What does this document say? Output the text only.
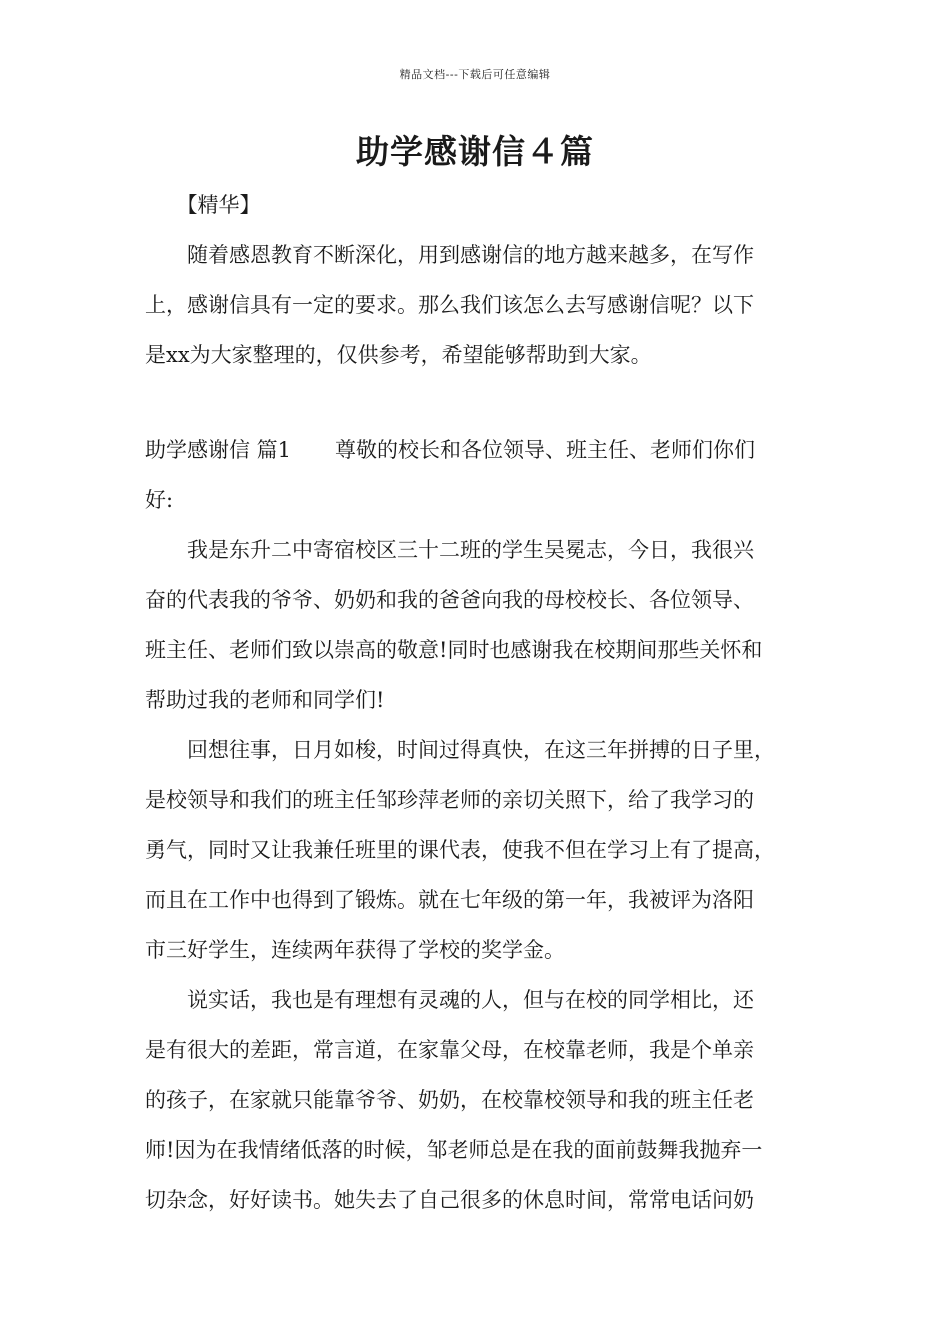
精品文档---下载后可任意编辑
助学感谢信４篇
　　【精华】
　　随着感恩教育不断深化，用到感谢信的地方越来越多，在写作
上，感谢信具有一定的要求。那么我们该怎么去写感谢信呢？以下
是xx为大家整理的，仅供参考，希望能够帮助到大家。
助学感谢信 篇1 尊敬的校长和各位领导、班主任、老师们你们
好:
　　我是东升二中寄宿校区三十二班的学生吴冕志，今日，我很兴
奋的代表我的爷爷、奶奶和我的爸爸向我的母校校长、各位领导、
班主任、老师们致以崇高的敬意!同时也感谢我在校期间那些关怀和
帮助过我的老师和同学们!
　　回想往事，日月如梭，时间过得真快，在这三年拼搏的日子里，
是校领导和我们的班主任邹珍萍老师的亲切关照下，给了我学习的
勇气，同时又让我兼任班里的课代表，使我不但在学习上有了提高，
而且在工作中也得到了锻炼。就在七年级的第一年，我被评为洛阳
市三好学生，连续两年获得了学校的奖学金。
　　说实话，我也是有理想有灵魂的人，但与在校的同学相比，还
是有很大的差距，常言道，在家靠父母，在校靠老师，我是个单亲
的孩子，在家就只能靠爷爷、奶奶，在校靠校领导和我的班主任老
师!因为在我情绪低落的时候，邹老师总是在我的面前鼓舞我抛弃一
切杂念，好好读书。她失去了自己很多的休息时间，常常电话问奶
